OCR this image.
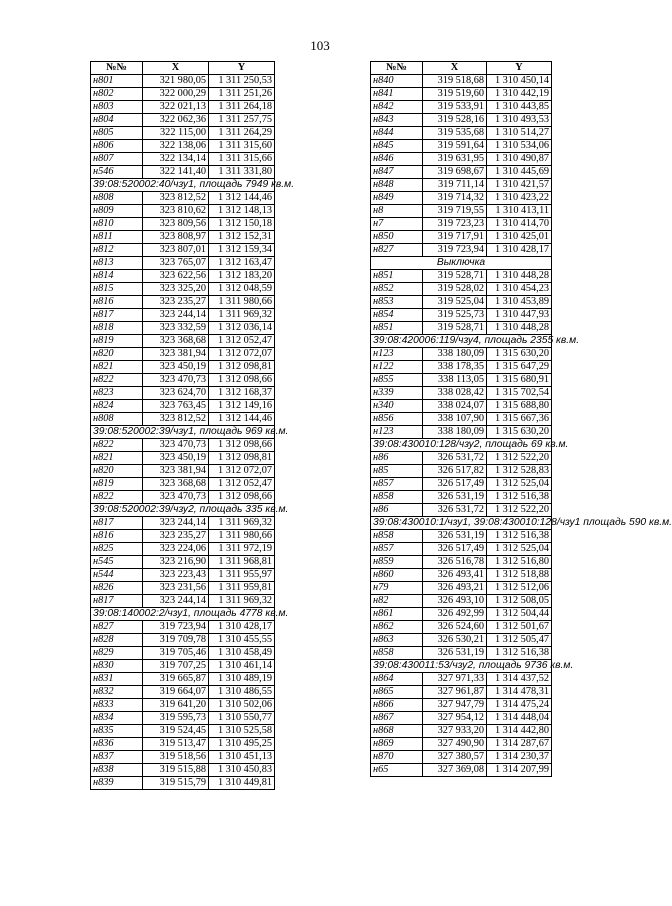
103
№№	X	Y
н801	321 980,05	1 311 250,53
н802	322 000,29	1 311 251,26
н803	322 021,13	1 311 264,18
н804	322 062,36	1 311 257,75
н805	322 115,00	1 311 264,29
н806	322 138,06	1 311 315,60
н807	322 134,14	1 311 315,66
н546	322 141,40	1 311 331,80
39:08:520002:40/чзу1, площадь 7949 кв.м.		
н808	323 812,52	1 312 144,46
н809	323 810,62	1 312 148,13
н810	323 809,56	1 312 150,18
н811	323 808,97	1 312 152,31
н812	323 807,01	1 312 159,34
н813	323 765,07	1 312 163,47
н814	323 622,56	1 312 183,20
н815	323 325,20	1 312 048,59
н816	323 235,27	1 311 980,66
н817	323 244,14	1 311 969,32
н818	323 332,59	1 312 036,14
н819	323 368,68	1 312 052,47
н820	323 381,94	1 312 072,07
н821	323 450,19	1 312 098,81
н822	323 470,73	1 312 098,66
н823	323 624,70	1 312 168,37
н824	323 763,45	1 312 149,16
н808	323 812,52	1 312 144,46
39:08:520002:39/чзу1, площадь 969 кв.м.		
н822	323 470,73	1 312 098,66
н821	323 450,19	1 312 098,81
н820	323 381,94	1 312 072,07
н819	323 368,68	1 312 052,47
н822	323 470,73	1 312 098,66
39:08:520002:39/чзу2, площадь 335 кв.м.		
н817	323 244,14	1 311 969,32
н816	323 235,27	1 311 980,66
н825	323 224,06	1 311 972,19
н545	323 216,90	1 311 968,81
н544	323 223,43	1 311 955,97
н826	323 231,56	1 311 959,81
н817	323 244,14	1 311 969,32
39:08:140002:2/чзу1, площадь 4778 кв.м.		
н827	319 723,94	1 310 428,17
н828	319 709,78	1 310 455,55
н829	319 705,46	1 310 458,49
н830	319 707,25	1 310 461,14
н831	319 665,87	1 310 489,19
н832	319 664,07	1 310 486,55
н833	319 641,20	1 310 502,06
н834	319 595,73	1 310 550,77
н835	319 524,45	1 310 525,58
н836	319 513,47	1 310 495,25
н837	319 518,56	1 310 451,13
н838	319 515,88	1 310 450,83
н839	319 515,79	1 310 449,81
№№	X	Y
н840	319 518,68	1 310 450,14
н841	319 519,60	1 310 442,19
н842	319 533,91	1 310 443,85
н843	319 528,16	1 310 493,53
н844	319 535,68	1 310 514,27
н845	319 591,64	1 310 534,06
н846	319 631,95	1 310 490,87
н847	319 698,67	1 310 445,69
н848	319 711,14	1 310 421,57
н849	319 714,32	1 310 423,22
н8	319 719,55	1 310 413,11
н7	319 723,23	1 310 414,70
н850	319 717,91	1 310 425,01
н827	319 723,94	1 310 428,17
Выключка		
н851	319 528,71	1 310 448,28
н852	319 528,02	1 310 454,23
н853	319 525,04	1 310 453,89
н854	319 525,73	1 310 447,93
н851	319 528,71	1 310 448,28
39:08:420006:119/чзу4, площадь 2355 кв.м.		
н123	338 180,09	1 315 630,20
н122	338 178,35	1 315 647,29
н855	338 113,05	1 315 680,91
н339	338 028,42	1 315 702,54
н340	338 024,07	1 315 688,80
н856	338 107,90	1 315 667,36
н123	338 180,09	1 315 630,20
39:08:430010:128/чзу2, площадь 69 кв.м.		
н86	326 531,72	1 312 522,20
н85	326 517,82	1 312 528,83
н857	326 517,49	1 312 525,04
н858	326 531,19	1 312 516,38
н86	326 531,72	1 312 522,20
39:08:430010:1/чзу1, 39:08:430010:128/чзу1 площадь 590 кв.м.		
н858	326 531,19	1 312 516,38
н857	326 517,49	1 312 525,04
н859	326 516,78	1 312 516,80
н860	326 493,41	1 312 518,88
н79	326 493,21	1 312 512,06
н82	326 493,10	1 312 508,05
н861	326 492,99	1 312 504,44
н862	326 524,60	1 312 501,67
н863	326 530,21	1 312 505,47
н858	326 531,19	1 312 516,38
39:08:430011:53/чзу2, площадь 9736 кв.м.		
н864	327 971,33	1 314 437,52
н865	327 961,87	1 314 478,31
н866	327 947,79	1 314 475,24
н867	327 954,12	1 314 448,04
н868	327 933,20	1 314 442,80
н869	327 490,90	1 314 287,67
н870	327 380,57	1 314 230,37
н65	327 369,08	1 314 207,99
